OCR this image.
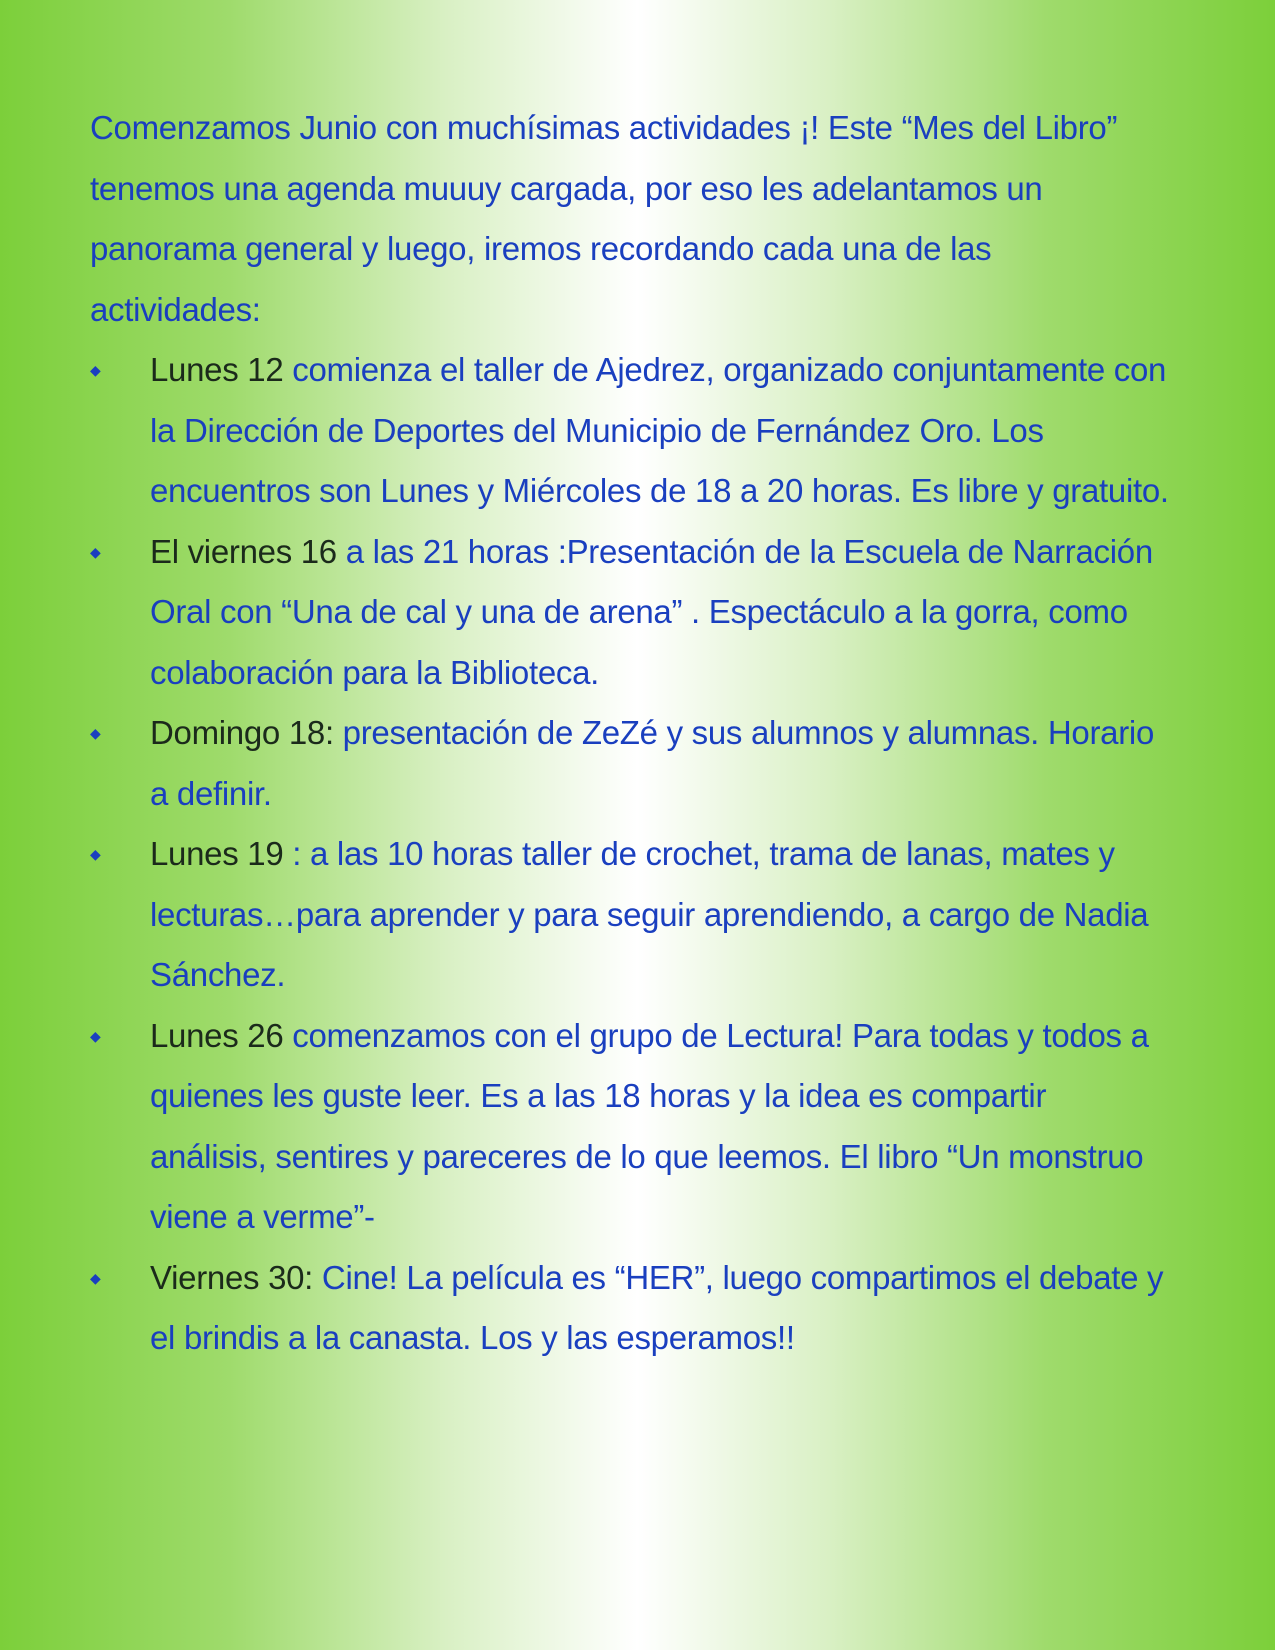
Comenzamos Junio con muchísimas actividades ¡! Este “Mes del Libro” tenemos una agenda muuuy cargada, por eso les adelantamos un panorama general y luego, iremos recordando cada una de las actividades:

◆ Lunes 12 comienza el taller de Ajedrez, organizado conjuntamente con la Dirección de Deportes del Municipio de Fernández Oro. Los encuentros son Lunes y Miércoles de 18 a 20 horas. Es libre y gratuito.
◆ El viernes 16 a las 21 horas :Presentación de la Escuela de Narración Oral con “Una de cal y una de arena” . Espectáculo a la gorra, como colaboración para la Biblioteca.
◆ Domingo 18: presentación de ZeZé y sus alumnos y alumnas. Horario a definir.
◆ Lunes 19 : a las 10 horas taller de crochet, trama de lanas, mates y lecturas…para aprender y para seguir aprendiendo, a cargo de Nadia Sánchez.
◆ Lunes 26 comenzamos con el grupo de Lectura! Para todas y todos a quienes les guste leer. Es a las 18 horas y la idea es compartir análisis, sentires y pareceres de lo que leemos. El libro “Un monstruo viene a verme”-
◆ Viernes 30: Cine! La película es “HER”, luego compartimos el debate y el brindis a la canasta. Los y las esperamos!!
